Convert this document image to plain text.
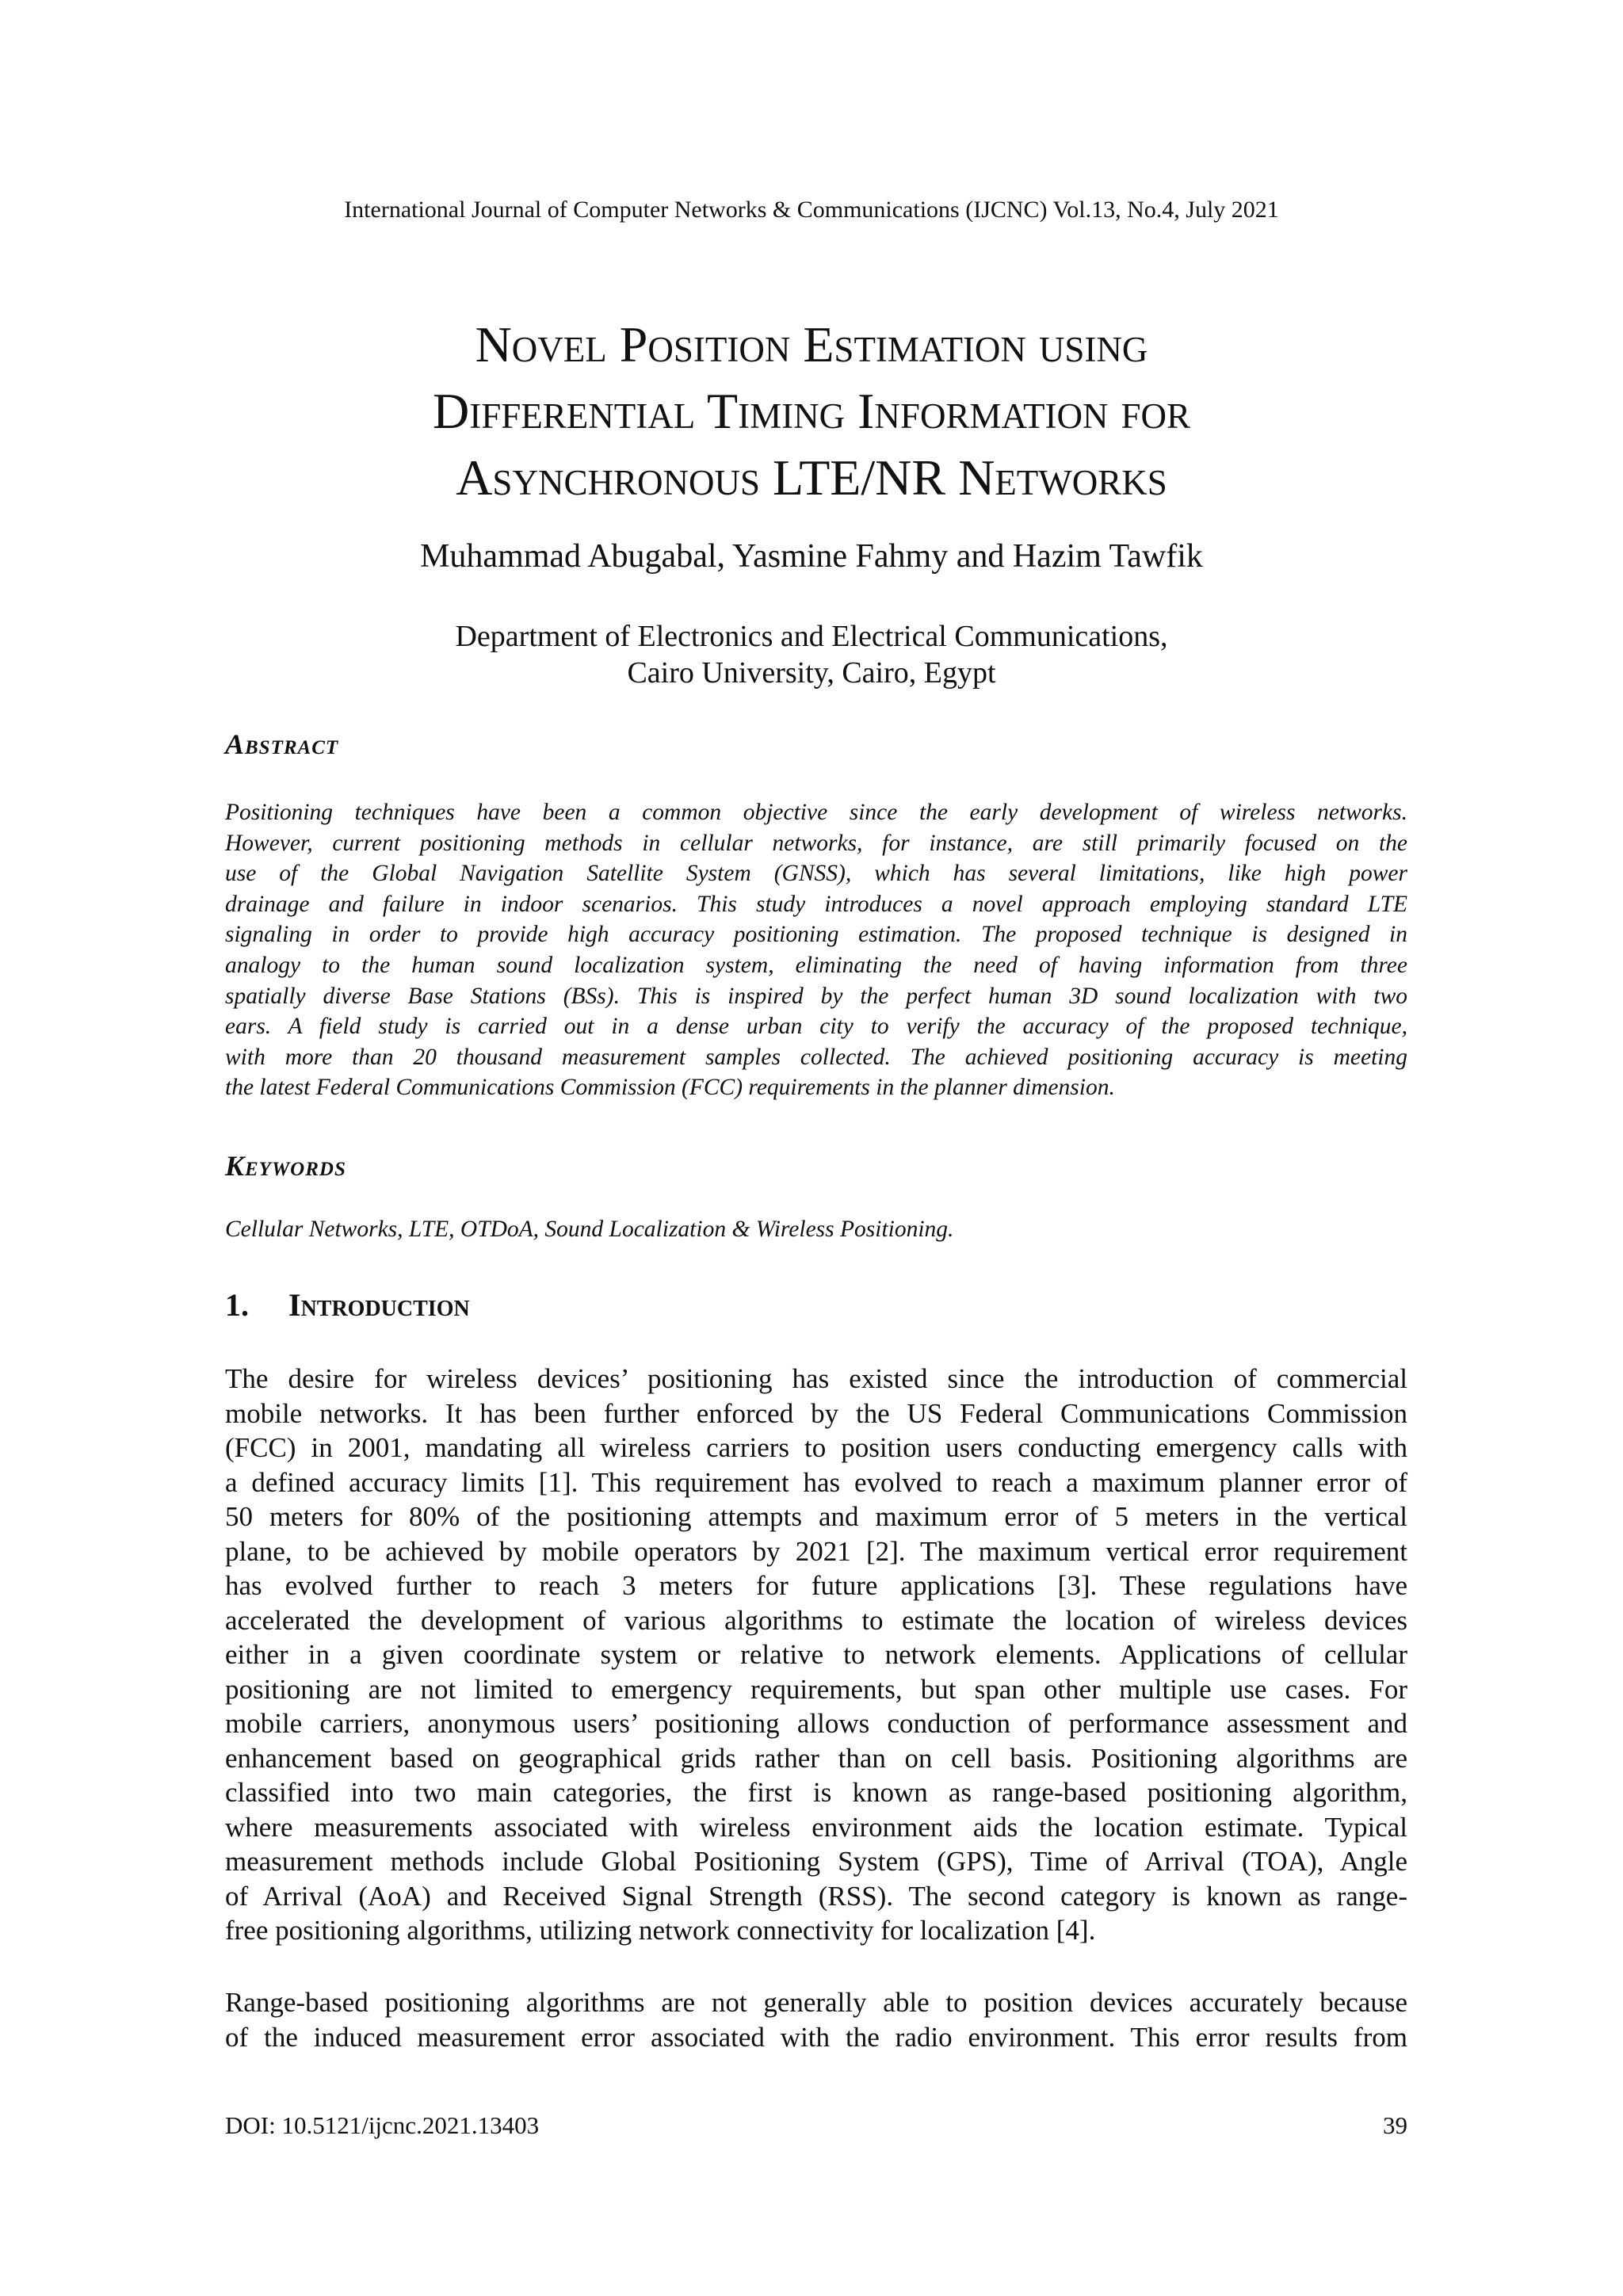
International Journal of Computer Networks & Communications (IJCNC) Vol.13, No.4, July 2021
Novel Position Estimation using
Differential Timing Information for
Asynchronous LTE/NR Networks
Muhammad Abugabal, Yasmine Fahmy and Hazim Tawfik
Department of Electronics and Electrical Communications,
Cairo University, Cairo, Egypt
Abstract
Positioning techniques have been a common objective since the early development of wireless networks.
However, current positioning methods in cellular networks, for instance, are still primarily focused on the
use of the Global Navigation Satellite System (GNSS), which has several limitations, like high power
drainage and failure in indoor scenarios. This study introduces a novel approach employing standard LTE
signaling in order to provide high accuracy positioning estimation. The proposed technique is designed in
analogy to the human sound localization system, eliminating the need of having information from three
spatially diverse Base Stations (BSs). This is inspired by the perfect human 3D sound localization with two
ears. A field study is carried out in a dense urban city to verify the accuracy of the proposed technique,
with more than 20 thousand measurement samples collected. The achieved positioning accuracy is meeting
the latest Federal Communications Commission (FCC) requirements in the planner dimension.
Keywords
Cellular Networks, LTE, OTDoA, Sound Localization & Wireless Positioning.
1. Introduction
The desire for wireless devices’ positioning has existed since the introduction of commercial
mobile networks. It has been further enforced by the US Federal Communications Commission
(FCC) in 2001, mandating all wireless carriers to position users conducting emergency calls with
a defined accuracy limits [1]. This requirement has evolved to reach a maximum planner error of
50 meters for 80% of the positioning attempts and maximum error of 5 meters in the vertical
plane, to be achieved by mobile operators by 2021 [2]. The maximum vertical error requirement
has evolved further to reach 3 meters for future applications [3]. These regulations have
accelerated the development of various algorithms to estimate the location of wireless devices
either in a given coordinate system or relative to network elements. Applications of cellular
positioning are not limited to emergency requirements, but span other multiple use cases. For
mobile carriers, anonymous users’ positioning allows conduction of performance assessment and
enhancement based on geographical grids rather than on cell basis. Positioning algorithms are
classified into two main categories, the first is known as range-based positioning algorithm,
where measurements associated with wireless environment aids the location estimate. Typical
measurement methods include Global Positioning System (GPS), Time of Arrival (TOA), Angle
of Arrival (AoA) and Received Signal Strength (RSS). The second category is known as range-
free positioning algorithms, utilizing network connectivity for localization [4].
Range-based positioning algorithms are not generally able to position devices accurately because
of the induced measurement error associated with the radio environment. This error results from
DOI: 10.5121/ijcnc.2021.13403	39
